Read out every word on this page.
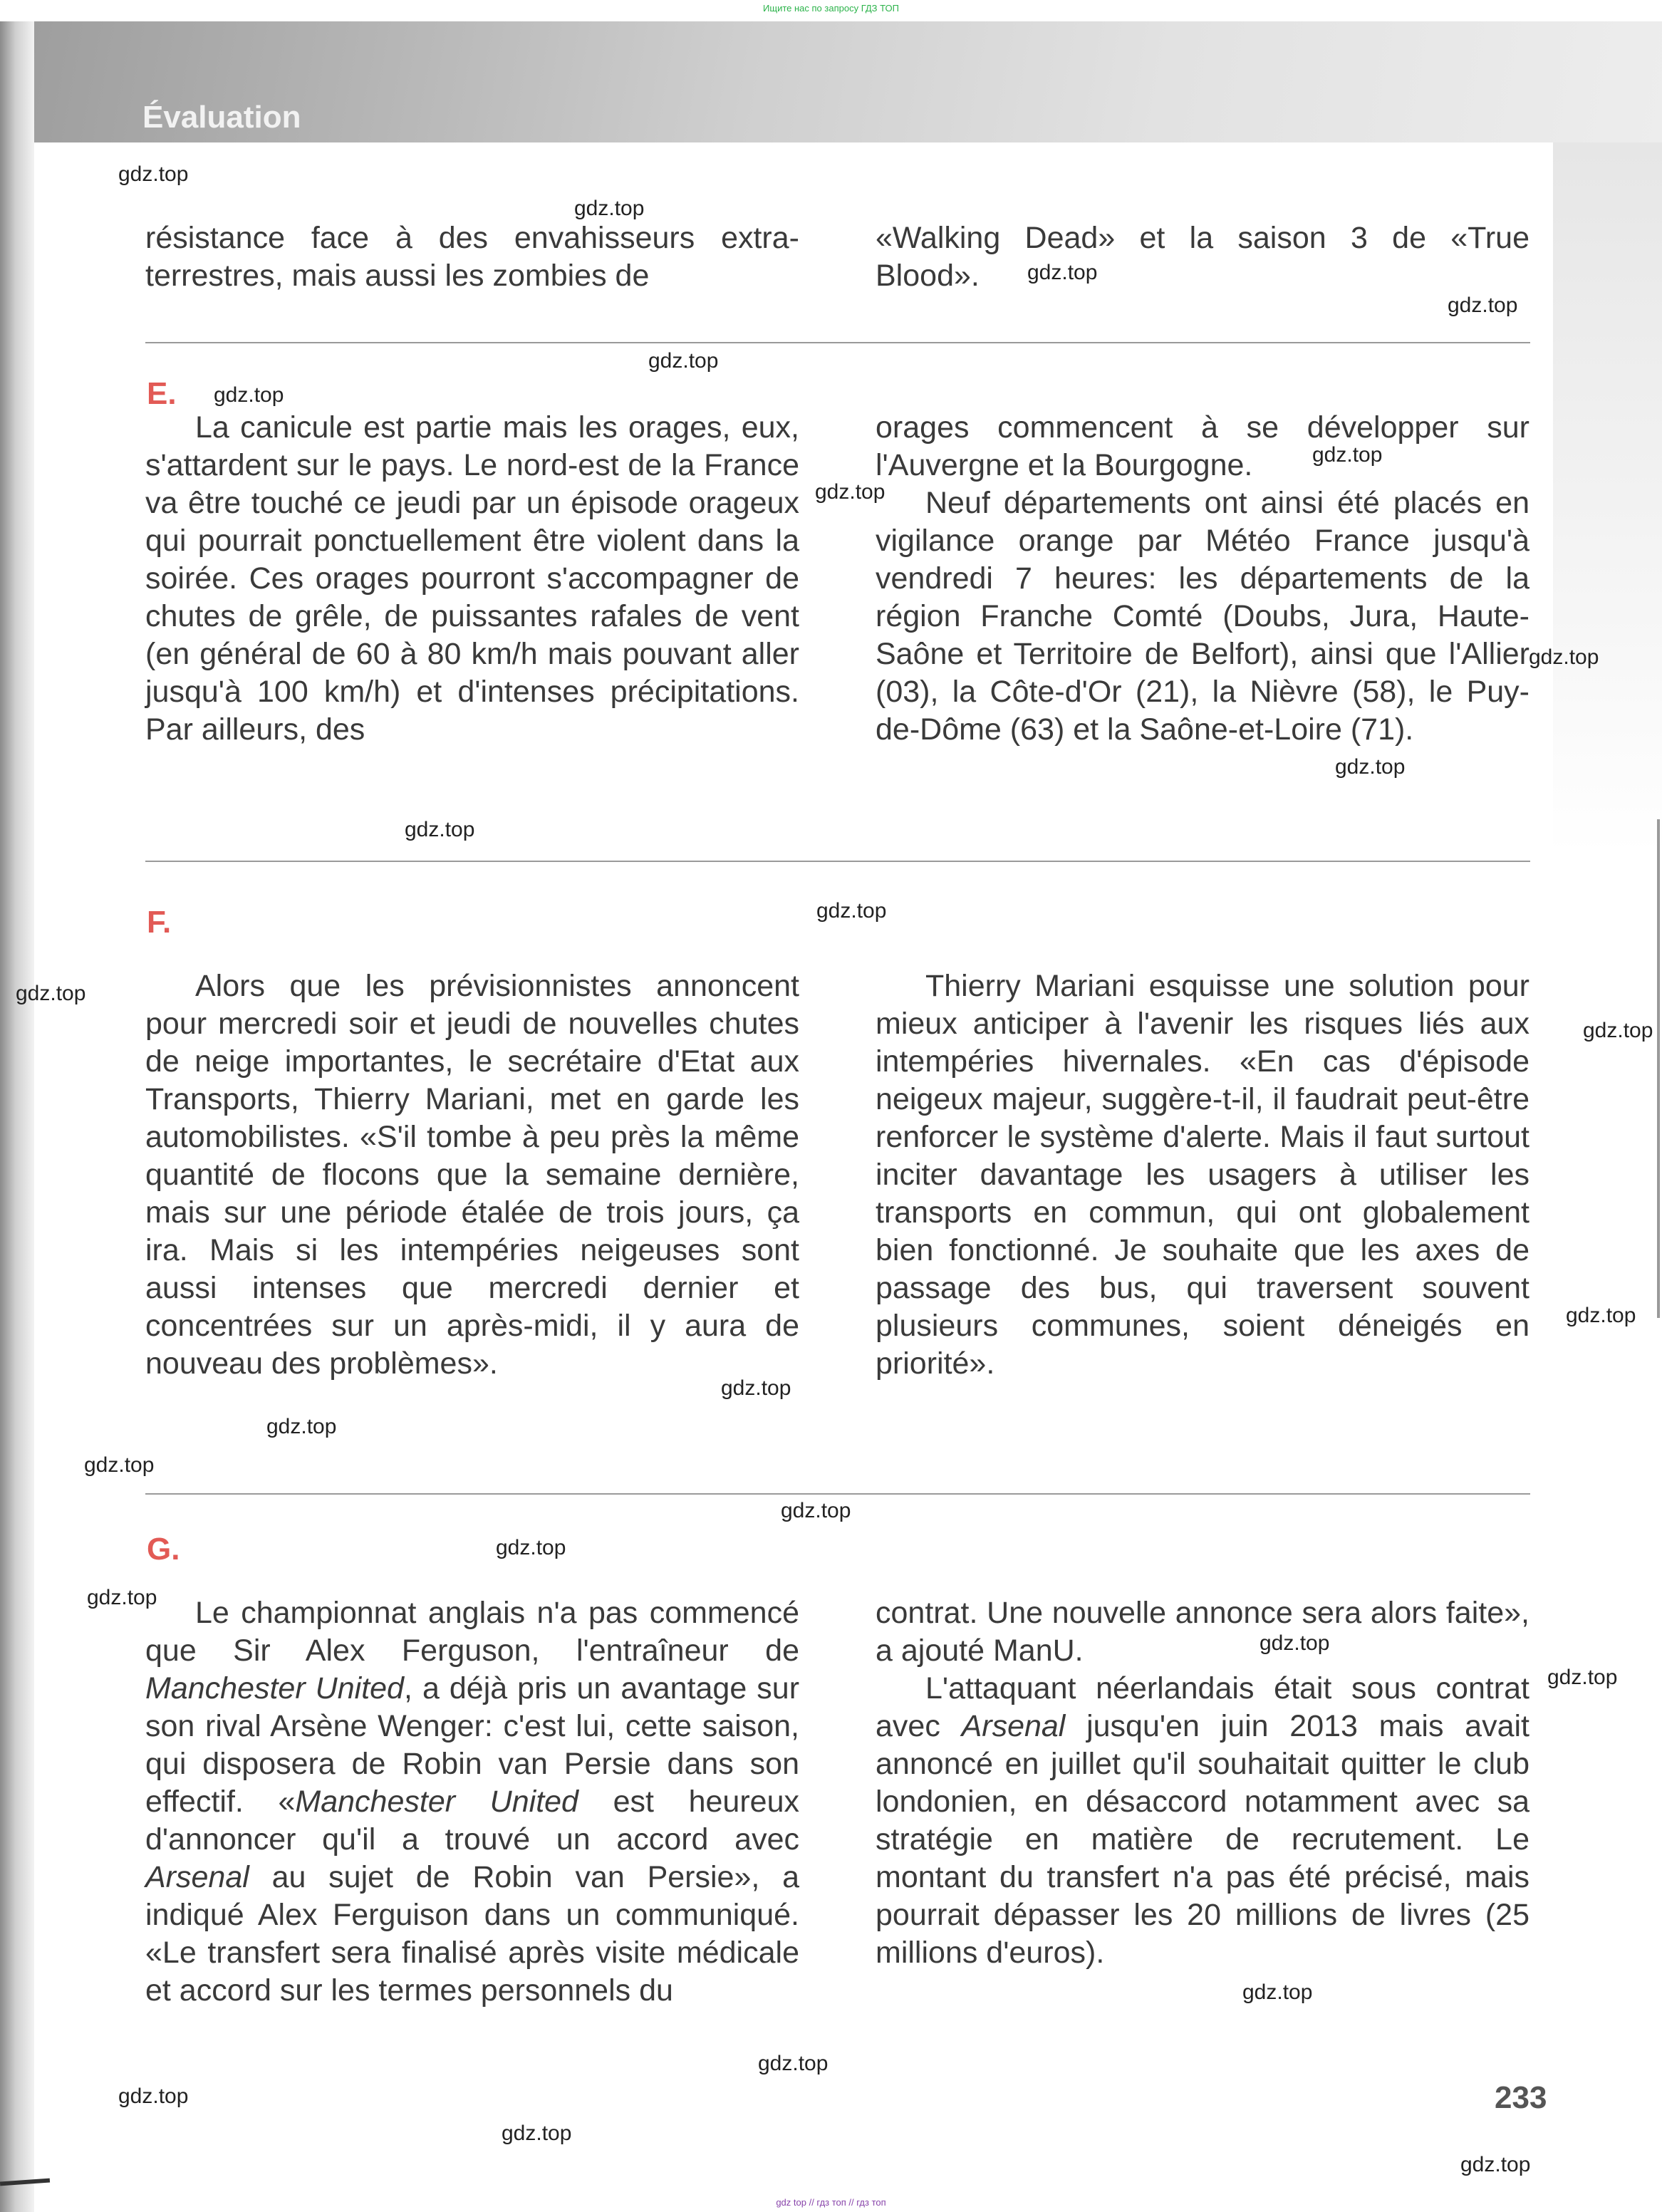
Ищите нас по запросу ГДЗ ТОП
Évaluation

résistance face à des envahisseurs extra-terrestres, mais aussi les zombies de

«Walking Dead» et la saison 3 de «True Blood».

E.

La canicule est partie mais les orages, eux, s'attardent sur le pays. Le nord-est de la France va être touché ce jeudi par un épisode orageux qui pourrait ponctuellement être violent dans la soirée. Ces orages pourront s'accompagner de chutes de grêle, de puissantes rafales de vent (en général de 60 à 80 km/h mais pouvant aller jusqu'à 100 km/h) et d'intenses précipitations. Par ailleurs, des

orages commencent à se développer sur l'Auvergne et la Bourgogne.

Neuf départements ont ainsi été placés en vigilance orange par Météo France jusqu'à vendredi 7 heures: les départements de la région Franche Comté (Doubs, Jura, Haute-Saône et Territoire de Belfort), ainsi que l'Allier (03), la Côte-d'Or (21), la Nièvre (58), le Puy-de-Dôme (63) et la Saône-et-Loire (71).

F.

Alors que les prévisionnistes annoncent pour mercredi soir et jeudi de nouvelles chutes de neige importantes, le secrétaire d'Etat aux Transports, Thierry Mariani, met en garde les automobilistes. «S'il tombe à peu près la même quantité de flocons que la semaine dernière, mais sur une période étalée de trois jours, ça ira. Mais si les intempéries neigeuses sont aussi intenses que mercredi dernier et concentrées sur un après-midi, il y aura de nouveau des problèmes».

Thierry Mariani esquisse une solution pour mieux anticiper à l'avenir les risques liés aux intempéries hivernales. «En cas d'épisode neigeux majeur, suggère-t-il, il faudrait peut-être renforcer le système d'alerte. Mais il faut surtout inciter davantage les usagers à utiliser les transports en commun, qui ont globalement bien fonctionné. Je souhaite que les axes de passage des bus, qui traversent souvent plusieurs communes, soient déneigés en priorité».

G.

Le championnat anglais n'a pas commencé que Sir Alex Ferguson, l'entraîneur de Manchester United, a déjà pris un avantage sur son rival Arsène Wenger: c'est lui, cette saison, qui disposera de Robin van Persie dans son effectif. «Manchester United est heureux d'annoncer qu'il a trouvé un accord avec Arsenal au sujet de Robin van Persie», a indiqué Alex Ferguison dans un communiqué. «Le transfert sera finalisé après visite médicale et accord sur les termes personnels du

contrat. Une nouvelle annonce sera alors faite», a ajouté ManU.

L'attaquant néerlandais était sous contrat avec Arsenal jusqu'en juin 2013 mais avait annoncé en juillet qu'il souhaitait quitter le club londonien, en désaccord notamment avec sa stratégie en matière de recrutement. Le montant du transfert n'a pas été précisé, mais pourrait dépasser les 20 millions de livres (25 millions d'euros).

gdz.top
gdz.top
gdz.top
gdz.top
gdz.top
gdz.top
gdz.top
gdz.top
gdz.top
gdz.top
gdz.top
gdz.top
gdz.top
gdz.top
gdz.top
gdz.top
gdz.top
gdz.top
gdz.top
gdz.top
gdz.top
gdz.top
gdz.top
gdz.top
gdz.top
gdz.top
gdz.top
gdz.top
233
gdz top // гдз топ // гдз топ
